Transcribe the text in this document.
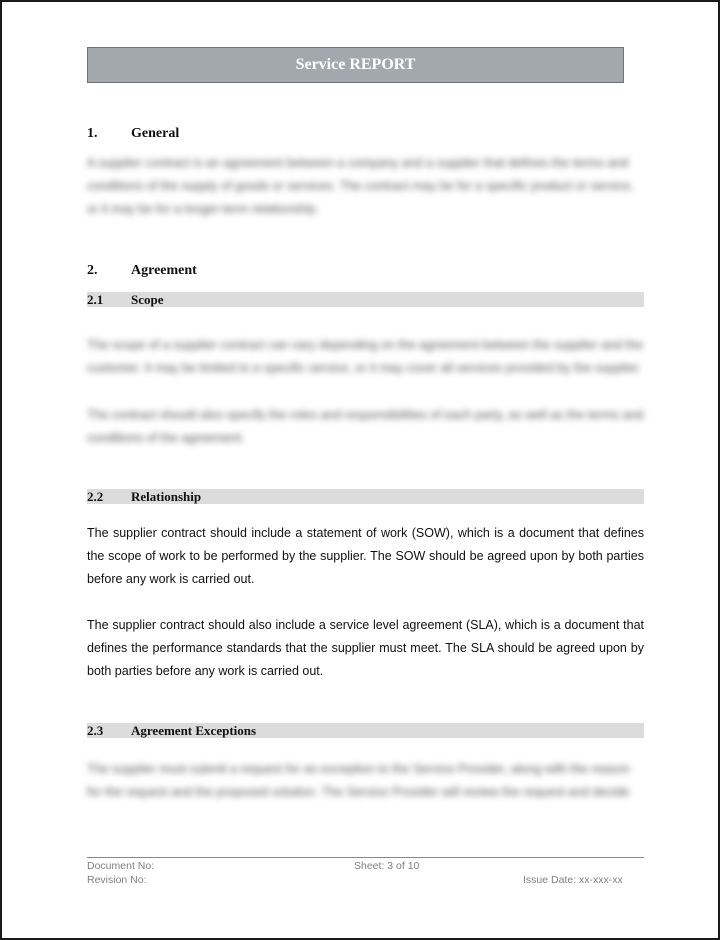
Service REPORT
1. General
A supplier contract is an agreement between a company and a supplier that defines the terms and conditions of the supply of goods or services. The contract may be for a specific product or service, or it may be for a longer-term relationship.
2. Agreement
2.1 Scope
The scope of a supplier contract can vary depending on the agreement between the supplier and the customer. It may be limited to a specific service, or it may cover all services provided by the supplier.
The contract should also specify the roles and responsibilities of each party, as well as the terms and conditions of the agreement.
2.2 Relationship
The supplier contract should include a statement of work (SOW), which is a document that defines the scope of work to be performed by the supplier. The SOW should be agreed upon by both parties before any work is carried out.
The supplier contract should also include a service level agreement (SLA), which is a document that defines the performance standards that the supplier must meet. The SLA should be agreed upon by both parties before any work is carried out.
2.3 Agreement Exceptions
The supplier must submit a request for an exception to the Service Provider, along with the reason for the request and the proposed solution. The Service Provider will review the request and decide
Document No:
Revision No:
Sheet: 3 of 10
Issue Date: xx-xxx-xx
